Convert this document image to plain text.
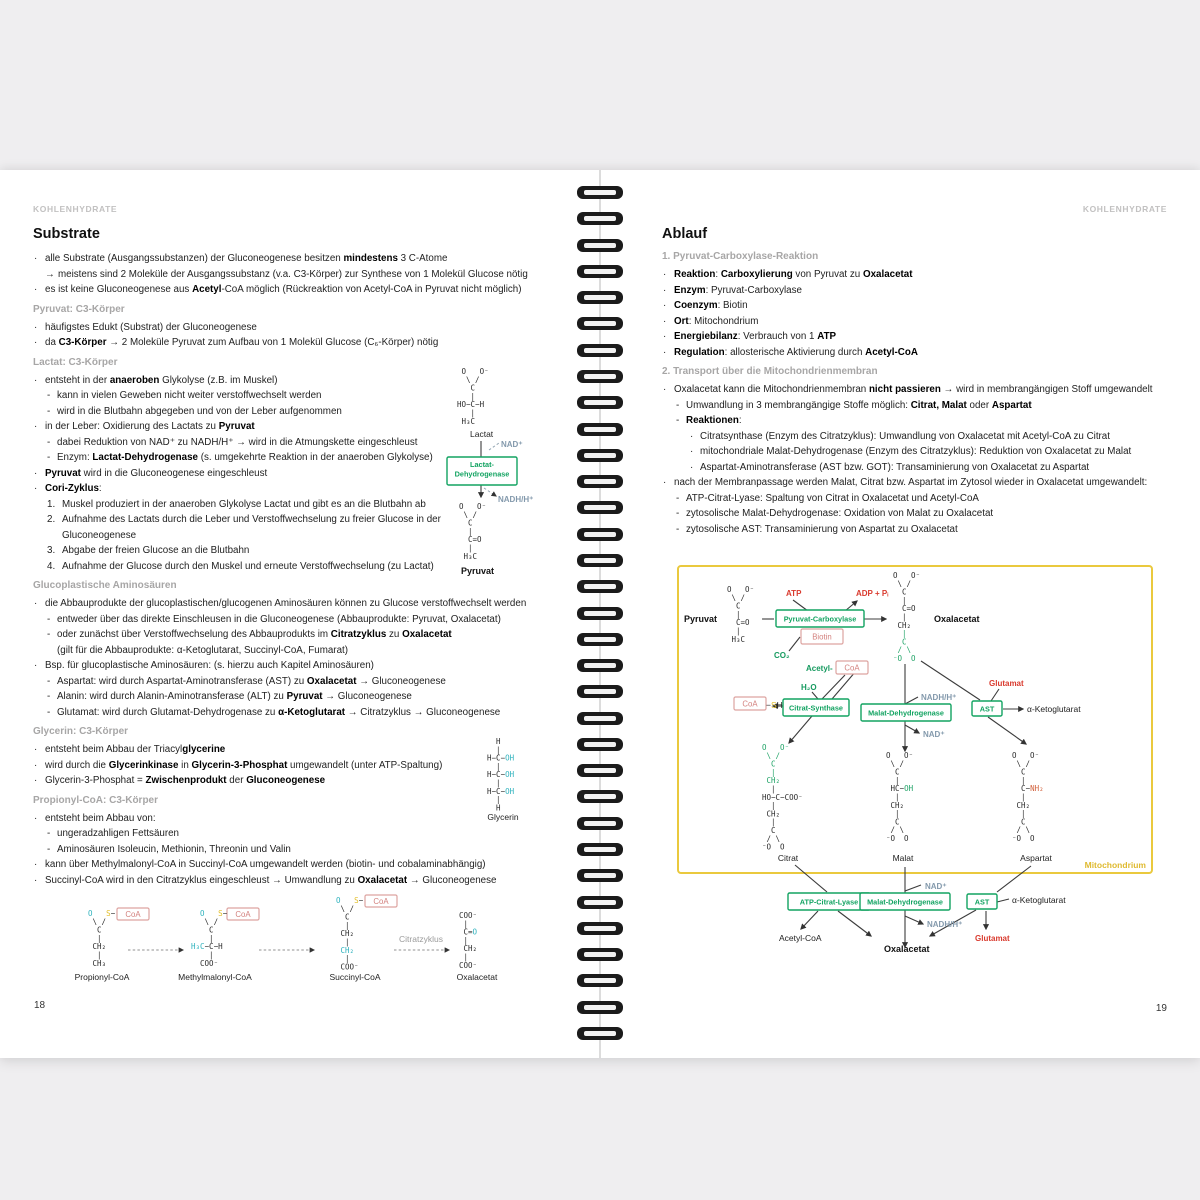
KOHLENHYDRATE	KOHLENHYDRATE
18	19
Substrate
· alle Substrate (Ausgangssubstanzen) der Gluconeogenese besitzen mindestens 3 C-Atome
→ meistens sind 2 Moleküle der Ausgangssubstanz (v.a. C3-Körper) zur Synthese von 1 Molekül Glucose nötig
· es ist keine Gluconeogenese aus Acetyl-CoA möglich (Rückreaktion von Acetyl-CoA in Pyruvat nicht möglich)
Pyruvat: C3-Körper
· häufigstes Edukt (Substrat) der Gluconeogenese
· da C3-Körper → 2 Moleküle Pyruvat zum Aufbau von 1 Molekül Glucose (C₆-Körper) nötig
Lactat: C3-Körper
· entsteht in der anaeroben Glykolyse (z.B. im Muskel)
- kann in vielen Geweben nicht weiter verstoffwechselt werden
- wird in die Blutbahn abgegeben und von der Leber aufgenommen
· in der Leber: Oxidierung des Lactats zu Pyruvat
- dabei Reduktion von NAD⁺ zu NADH/H⁺ → wird in die Atmungskette eingeschleust
- Enzym: Lactat-Dehydrogenase (s. umgekehrte Reaktion in der anaeroben Glykolyse)
· Pyruvat wird in die Gluconeogenese eingeschleust
· Cori-Zyklus:
1. Muskel produziert in der anaeroben Glykolyse Lactat und gibt es an die Blutbahn ab
2. Aufnahme des Lactats durch die Leber und Verstoffwechselung zu freier Glucose in der
Gluconeogenese
3. Abgabe der freien Glucose an die Blutbahn
4. Aufnahme der Glucose durch den Muskel und erneute Verstoffwechselung (zu Lactat)
Glucoplastische Aminosäuren
· die Abbauprodukte der glucoplastischen/glucogenen Aminosäuren können zu Glucose verstoffwechselt werden
- entweder über das direkte Einschleusen in die Gluconeogenese (Abbauprodukte: Pyruvat, Oxalacetat)
- oder zunächst über Verstoffwechselung des Abbauprodukts im Citratzyklus zu Oxalacetat
(gilt für die Abbauprodukte: α-Ketoglutarat, Succinyl-CoA, Fumarat)
· Bsp. für glucoplastische Aminosäuren: (s. hierzu auch Kapitel Aminosäuren)
- Aspartat: wird durch Aspartat-Aminotransferase (AST) zu Oxalacetat → Gluconeogenese
- Alanin: wird durch Alanin-Aminotransferase (ALT) zu Pyruvat → Gluconeogenese
- Glutamat: wird durch Glutamat-Dehydrogenase zu α-Ketoglutarat → Citratzyklus → Gluconeogenese
Glycerin: C3-Körper
· entsteht beim Abbau der Triacylglycerine
· wird durch die Glycerinkinase in Glycerin-3-Phosphat umgewandelt (unter ATP-Spaltung)
· Glycerin-3-Phosphat = Zwischenprodukt der Gluconeogenese
Propionyl-CoA: C3-Körper
· entsteht beim Abbau von:
- ungeradzahligen Fettsäuren
- Aminosäuren Isoleucin, Methionin, Threonin und Valin
· kann über Methylmalonyl-CoA in Succinyl-CoA umgewandelt werden (biotin- und cobalaminabhängig)
· Succinyl-CoA wird in den Citratzyklus eingeschleust → Umwandlung zu Oxalacetat → Gluconeogenese
Ablauf
1. Pyruvat-Carboxylase-Reaktion
· Reaktion: Carboxylierung von Pyruvat zu Oxalacetat
· Enzym: Pyruvat-Carboxylase
· Coenzym: Biotin
· Ort: Mitochondrium
· Energiebilanz: Verbrauch von 1 ATP
· Regulation: allosterische Aktivierung durch Acetyl-CoA
2. Transport über die Mitochondrienmembran
· Oxalacetat kann die Mitochondrienmembran nicht passieren → wird in membrangängigen Stoff umgewandelt
- Umwandlung in 3 membrangängige Stoffe möglich: Citrat, Malat oder Aspartat
- Reaktionen:
· Citratsynthase (Enzym des Citratzyklus): Umwandlung von Oxalacetat mit Acetyl-CoA zu Citrat
· mitochondriale Malat-Dehydrogenase (Enzym des Citratzyklus): Reduktion von Oxalacetat zu Malat
· Aspartat-Aminotransferase (AST bzw. GOT): Transaminierung von Oxalacetat zu Aspartat
· nach der Membranpassage werden Malat, Citrat bzw. Aspartat im Zytosol wieder in Oxalacetat umgewandelt:
- ATP-Citrat-Lyase: Spaltung von Citrat in Oxalacetat und Acetyl-CoA
- zytosolische Malat-Dehydrogenase: Oxidation von Malat zu Oxalacetat
- zytosolische AST: Transaminierung von Aspartat zu Oxalacetat
Lactat-
Dehydrogenase
Lactat
NAD⁺
NADH/H⁺
Pyruvat
O   O⁻
\ /
C
|
HO−C−H
|
H₃C
O   O⁻
\ /
C
|
C=O
|
H₃C
Glycerin
H
|
H−C−OH
|
H−C−OH
|
H−C−OH
|
H
CoA	CoA
CoA
Propionyl-CoA	Methylmalonyl-CoA	Succinyl-CoA	Oxalacetat
Citratzyklus
O S−
\ /
C
|
CH₂
|
CH₃
O S−
\ /
C
|
H₃C−C−H
|
COO⁻
O S−
\ /
C
|
CH₂
|
CH₂
|
COO⁻
COO⁻
|
C=O
|
CH₂
|
COO⁻
Pyruvat-Carboxylase
Biotin
CoA
CoA	Citrat-Synthase
Malat-Dehydrogenase	AST
ATP-Citrat-Lyase Malat-Dehydrogenase	AST
Pyruvat
ATP	ADP + Pᵢ
CO₂
Oxalacetat
Acetyl-
H₂O
−SH
NADH/H⁺
NAD⁺
Glutamat
α-Ketoglutarat
Citrat	Malat	Aspartat
Mitochondrium
NAD⁺
NADH/H⁺
α-Ketoglutarat
Acetyl-CoA	Glutamat
Oxalacetat
O   O⁻
\ /
C
|
C=O
|
H₃C
O   O⁻
\ /
C
|
C=O
|
CH₂
|
C
/ \
⁻O  O
O   O⁻
\ /
C
|
CH₂
|
HO−C−COO⁻
|
CH₂
|
C
/ \
⁻O  O
O   O⁻
\ /
C
|
HC−OH
|
CH₂
|
C
/ \
⁻O  O
O   O⁻
\ /
C
|
C−NH₂
|
CH₂
|
C
/ \
⁻O  O
